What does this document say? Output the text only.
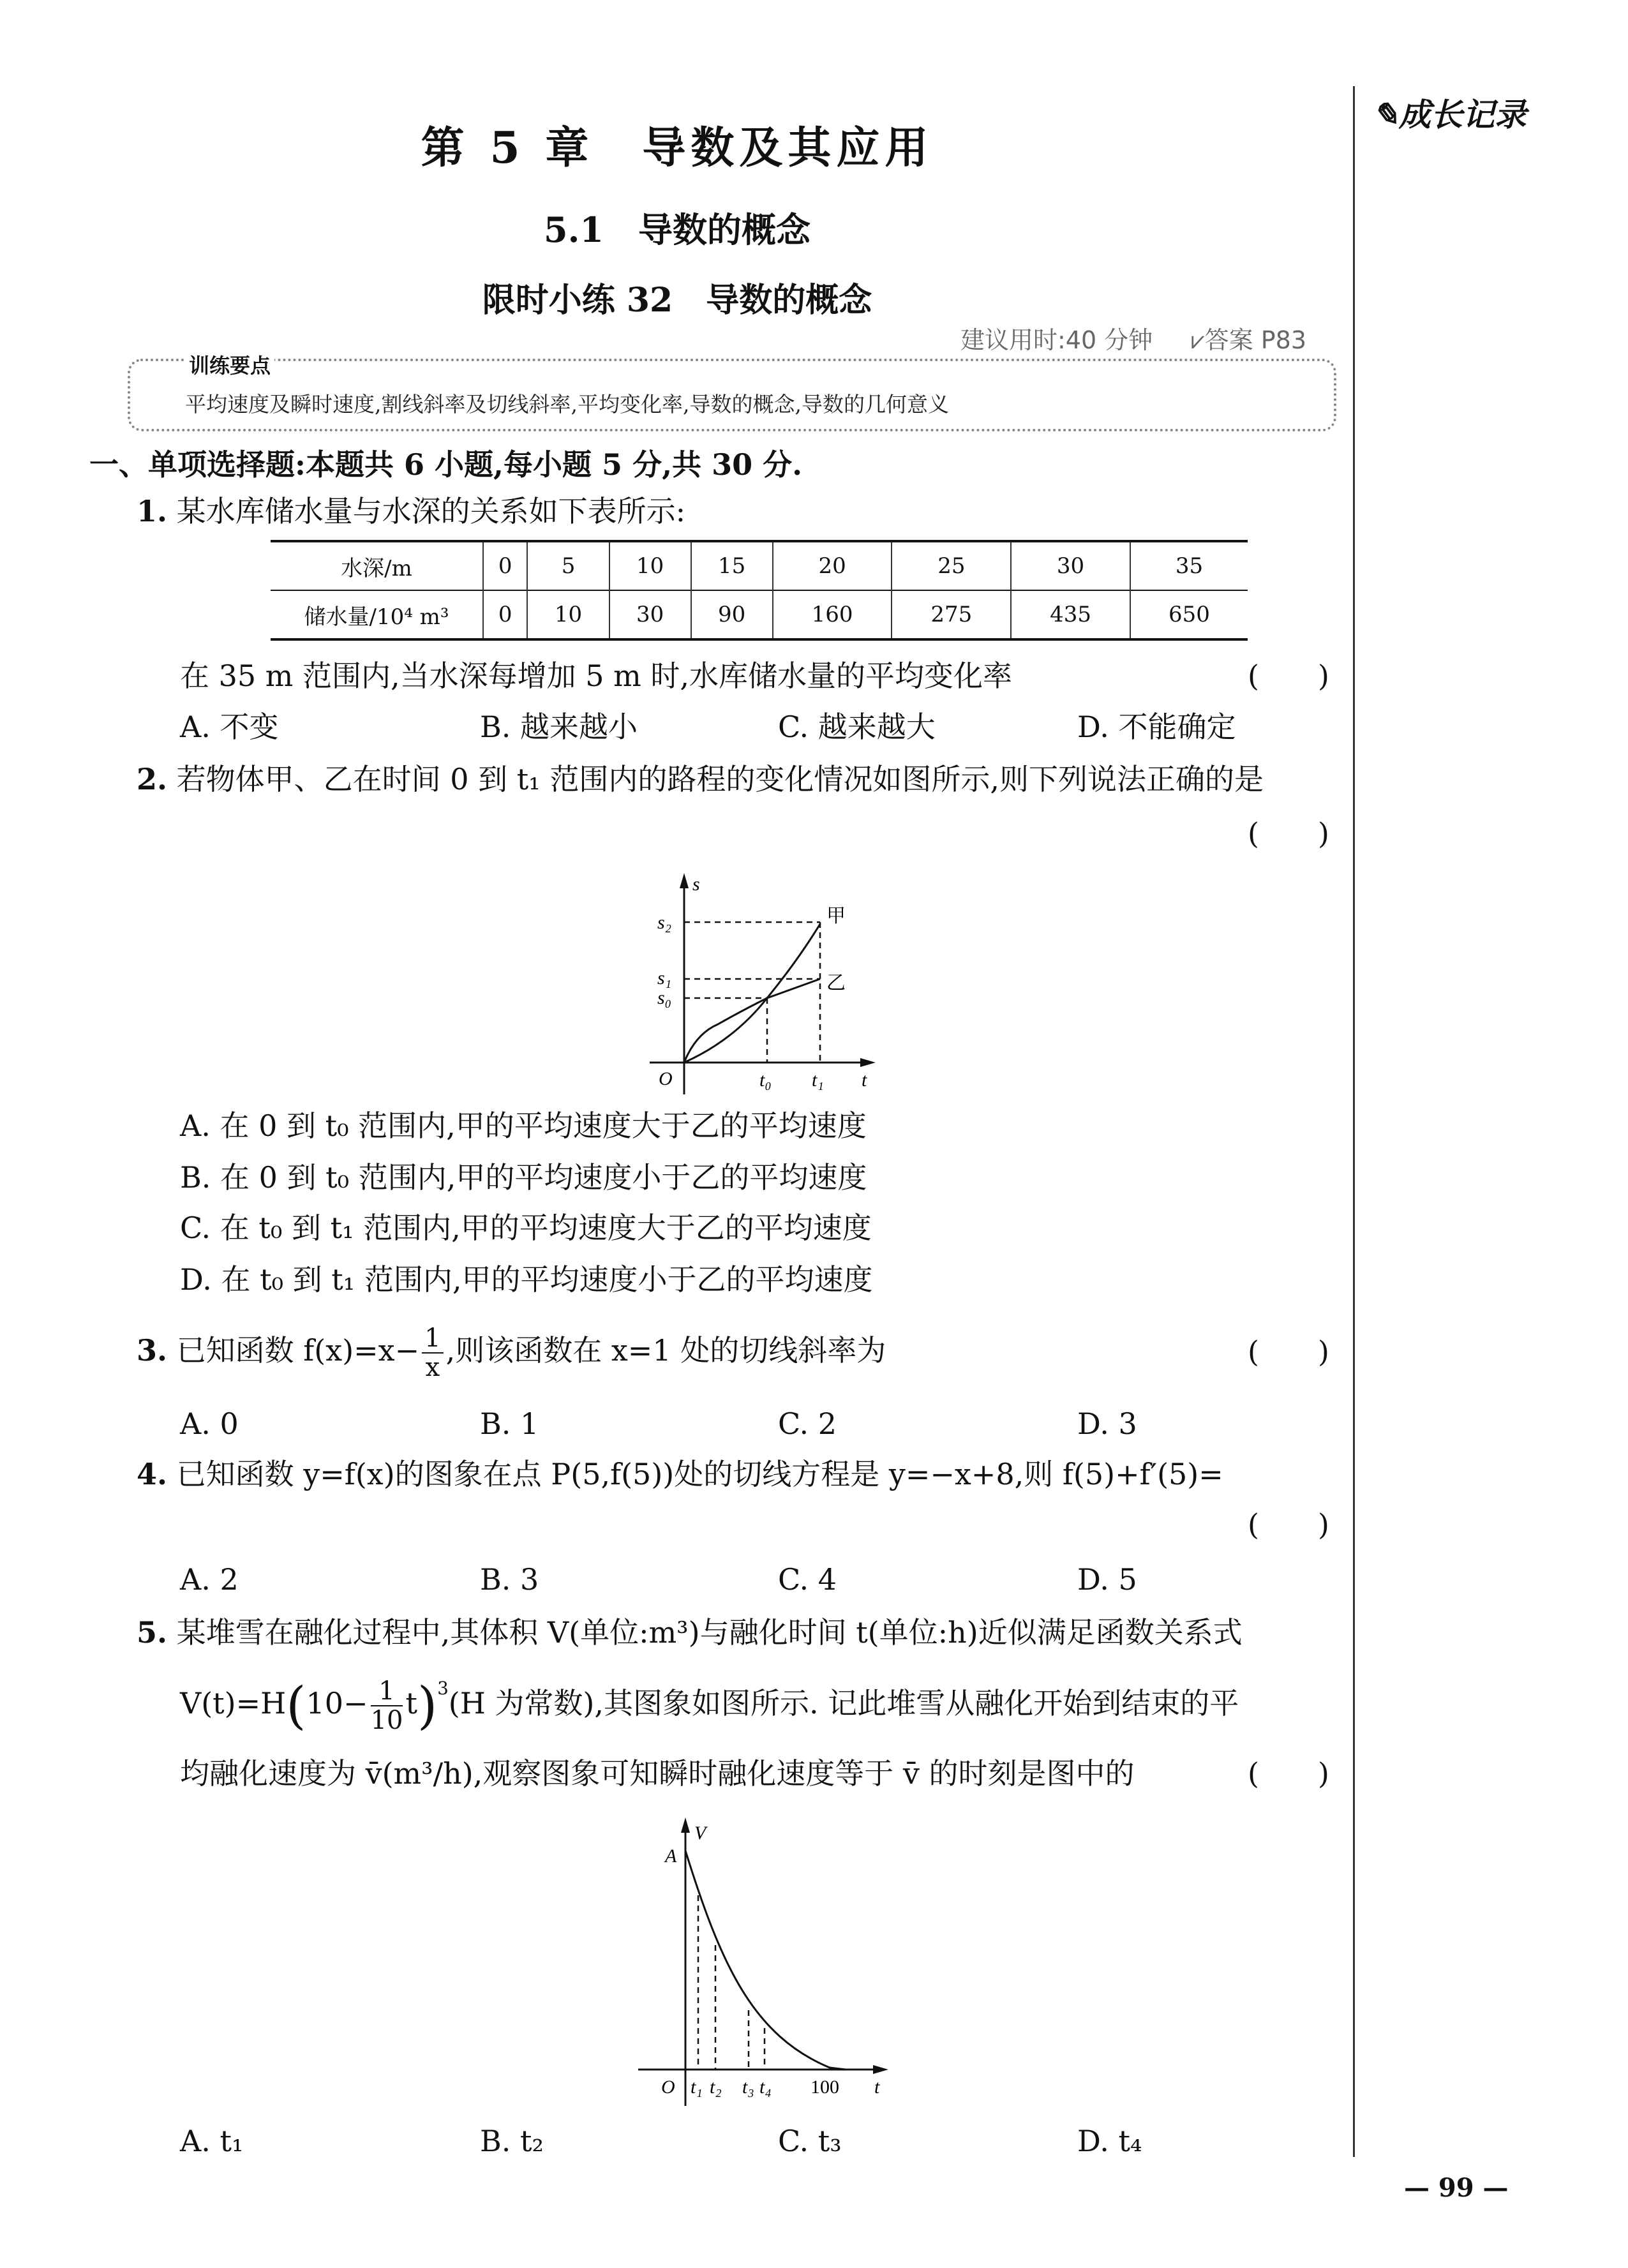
第 5 章　导数及其应用
5.1　导数的概念
限时小练 32　导数的概念
建议用时:40 分钟 ⩗答案 P83
✎成长记录
训练要点
平均速度及瞬时速度,割线斜率及切线斜率,平均变化率,导数的概念,导数的几何意义
一、单项选择题:本题共 6 小题,每小题 5 分,共 30 分.
1. 某水库储水量与水深的关系如下表所示:
水深/m	0	5	10	15	20	25	30	35
储水量/10⁴ m³	0	10	30	90	160	275	435	650
在 35 m 范围内,当水深每增加 5 m 时,水库储水量的平均变化率	(　　)
A. 不变	B. 越来越小	C. 越来越大	D. 不能确定
2. 若物体甲、乙在时间 0 到 t₁ 范围内的路程的变化情况如图所示,则下列说法正确的是
(　　)
s
t
O
s₂
s₁
s₀
t₀ t₁
甲
乙
A. 在 0 到 t₀ 范围内,甲的平均速度大于乙的平均速度
B. 在 0 到 t₀ 范围内,甲的平均速度小于乙的平均速度
C. 在 t₀ 到 t₁ 范围内,甲的平均速度大于乙的平均速度
D. 在 t₀ 到 t₁ 范围内,甲的平均速度小于乙的平均速度
3. 已知函数 $f(x)=x- \frac{1}{x}$ ,则该函数在 x=1 处的切线斜率为	(　　)
A. 0	B. 1	C. 2	D. 3
4. 已知函数 y=f(x)的图象在点 P(5,f(5))处的切线方程是 y=−x+8,则 f(5)+f′(5)=
(　　)
A. 2	B. 3	C. 4	D. 5
5. 某堆雪在融化过程中,其体积 V(单位:m³)与融化时间 t(单位:h)近似满足函数关系式
$V(t)=H(10- \frac{1}{10} t)^3(H$ 为常数),其图象如图所示. 记此堆雪从融化开始到结束的平
均融化速度为 v̄(m³/h),观察图象可知瞬时融化速度等于 v̄ 的时刻是图中的	(　　)
V
A
t
O t₁ t₂ t₃ t₄ 100
A. t₁	B. t₂	C. t₃	D. t₄
— 99 —
